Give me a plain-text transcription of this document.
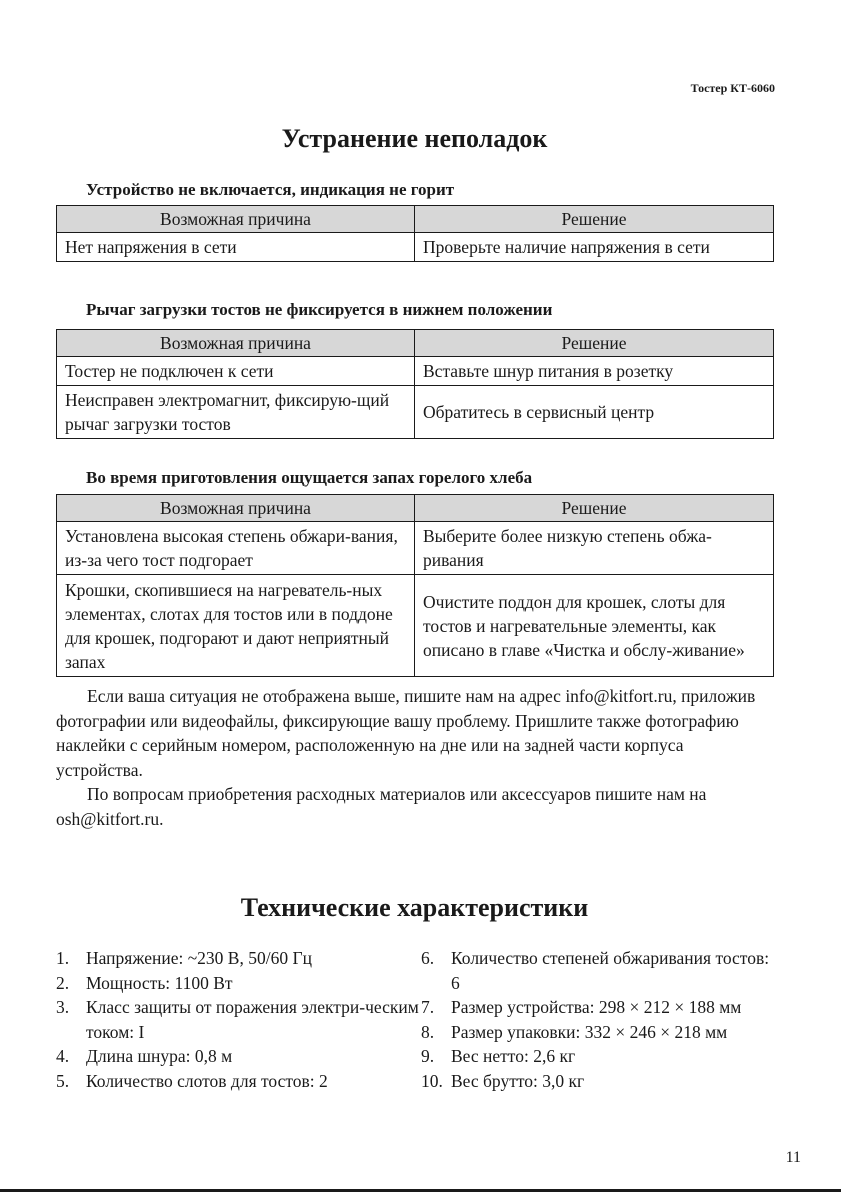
Тостер КТ-6060
Устранение неполадок
Устройство не включается, индикация не горит
Возможная причина	Решение
Нет напряжения в сети	Проверьте наличие напряжения в сети
Рычаг загрузки тостов не фиксируется в нижнем положении
Возможная причина	Решение
Тостер не подключен к сети	Вставьте шнур питания в розетку
Неисправен электромагнит, фиксирую-щий рычаг загрузки тостов	Обратитесь в сервисный центр
Во время приготовления ощущается запах горелого хлеба
Возможная причина	Решение
Установлена высокая степень обжари-вания, из-за чего тост подгорает	Выберите более низкую степень обжа-ривания
Крошки, скопившиеся на нагреватель-ных элементах, слотах для тостов или в поддоне для крошек, подгорают и дают неприятный запах	Очистите поддон для крошек, слоты для тостов и нагревательные элементы, как описано в главе «Чистка и обслу-живание»

Если ваша ситуация не отображена выше, пишите нам на адрес info@kitfort.ru, приложив фотографии или видеофайлы, фиксирующие вашу проблему. Пришлите также фотографию наклейки с серийным номером, расположенную на дне или на задней части корпуса устройства.

По вопросам приобретения расходных материалов или аксессуаров пишите нам на osh@kitfort.ru.

Технические характеристики
1. Напряжение: ~230 В, 50/60 Гц
2. Мощность: 1100 Вт
3. Класс защиты от поражения электри-ческим током: I
4. Длина шнура: 0,8 м
5. Количество слотов для тостов: 2
6. Количество степеней обжаривания тостов: 6
7. Размер устройства: 298 × 212 × 188 мм
8. Размер упаковки: 332 × 246 × 218 мм
9. Вес нетто: 2,6 кг
10. Вес брутто: 3,0 кг
11
